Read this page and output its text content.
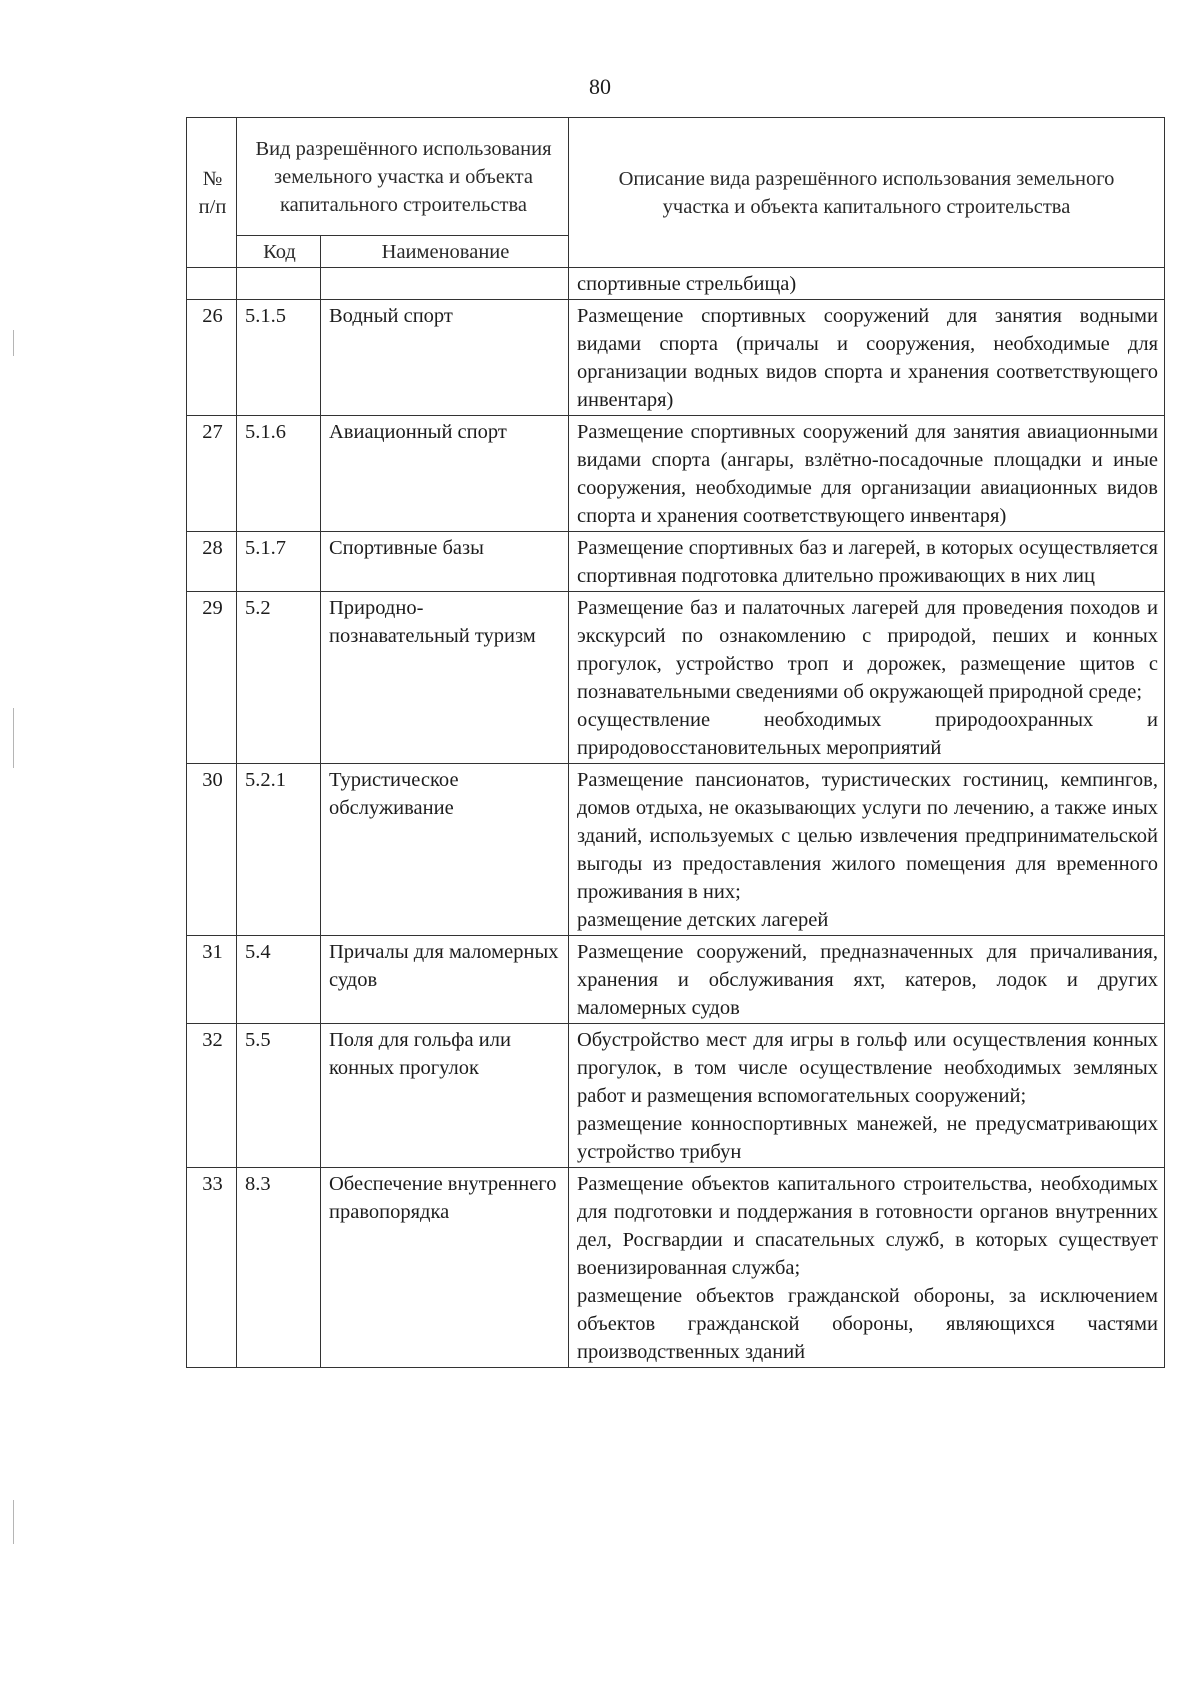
80
№ п/п	Вид разрешённого использования земельного участка и объекта капитального строительства		Описание вида разрешённого использования земельного участка и объекта капитального строительства
	Код	Наименование	
			спортивные стрельбища)
26	5.1.5	Водный спорт	Размещение спортивных сооружений для занятия водными видами спорта (причалы и сооружения, необходимые для организации водных видов спорта и хранения соответствующего инвентаря)

27	5.1.6	Авиационный спорт	Размещение спортивных сооружений для занятия авиационными видами спорта (ангары, взлётно-посадочные площадки и иные сооружения, необходимые для организации авиационных видов спорта и хранения соответствующего инвентаря)

28	5.1.7	Спортивные базы	Размещение спортивных баз и лагерей, в которых осуществляется спортивная подготовка длительно проживающих в них лиц

29	5.2	Природно-познавательный туризм	Размещение баз и палаточных лагерей для проведения походов и экскурсий по ознакомлению с природой, пеших и конных прогулок, устройство троп и дорожек, размещение щитов с познавательными сведениями об окружающей природной среде;
осуществление необходимых природоохранных и природовосстановительных мероприятий

30	5.2.1	Туристическое обслуживание	Размещение пансионатов, туристических гостиниц, кемпингов, домов отдыха, не оказывающих услуги по лечению, а также иных зданий, используемых с целью извлечения предпринимательской выгоды из предоставления жилого помещения для временного проживания в них;
размещение детских лагерей

31	5.4	Причалы для маломерных судов	Размещение сооружений, предназначенных для причаливания, хранения и обслуживания яхт, катеров, лодок и других маломерных судов

32	5.5	Поля для гольфа или конных прогулок	Обустройство мест для игры в гольф или осуществления конных прогулок, в том числе осуществление необходимых земляных работ и размещения вспомогательных сооружений;
размещение конноспортивных манежей, не предусматривающих устройство трибун

33	8.3	Обеспечение внутреннего правопорядка	Размещение объектов капитального строительства, необходимых для подготовки и поддержания в готовности органов внутренних дел, Росгвардии и спасательных служб, в которых существует военизированная служба;
размещение объектов гражданской обороны, за исключением объектов гражданской обороны, являющихся частями производственных зданий
